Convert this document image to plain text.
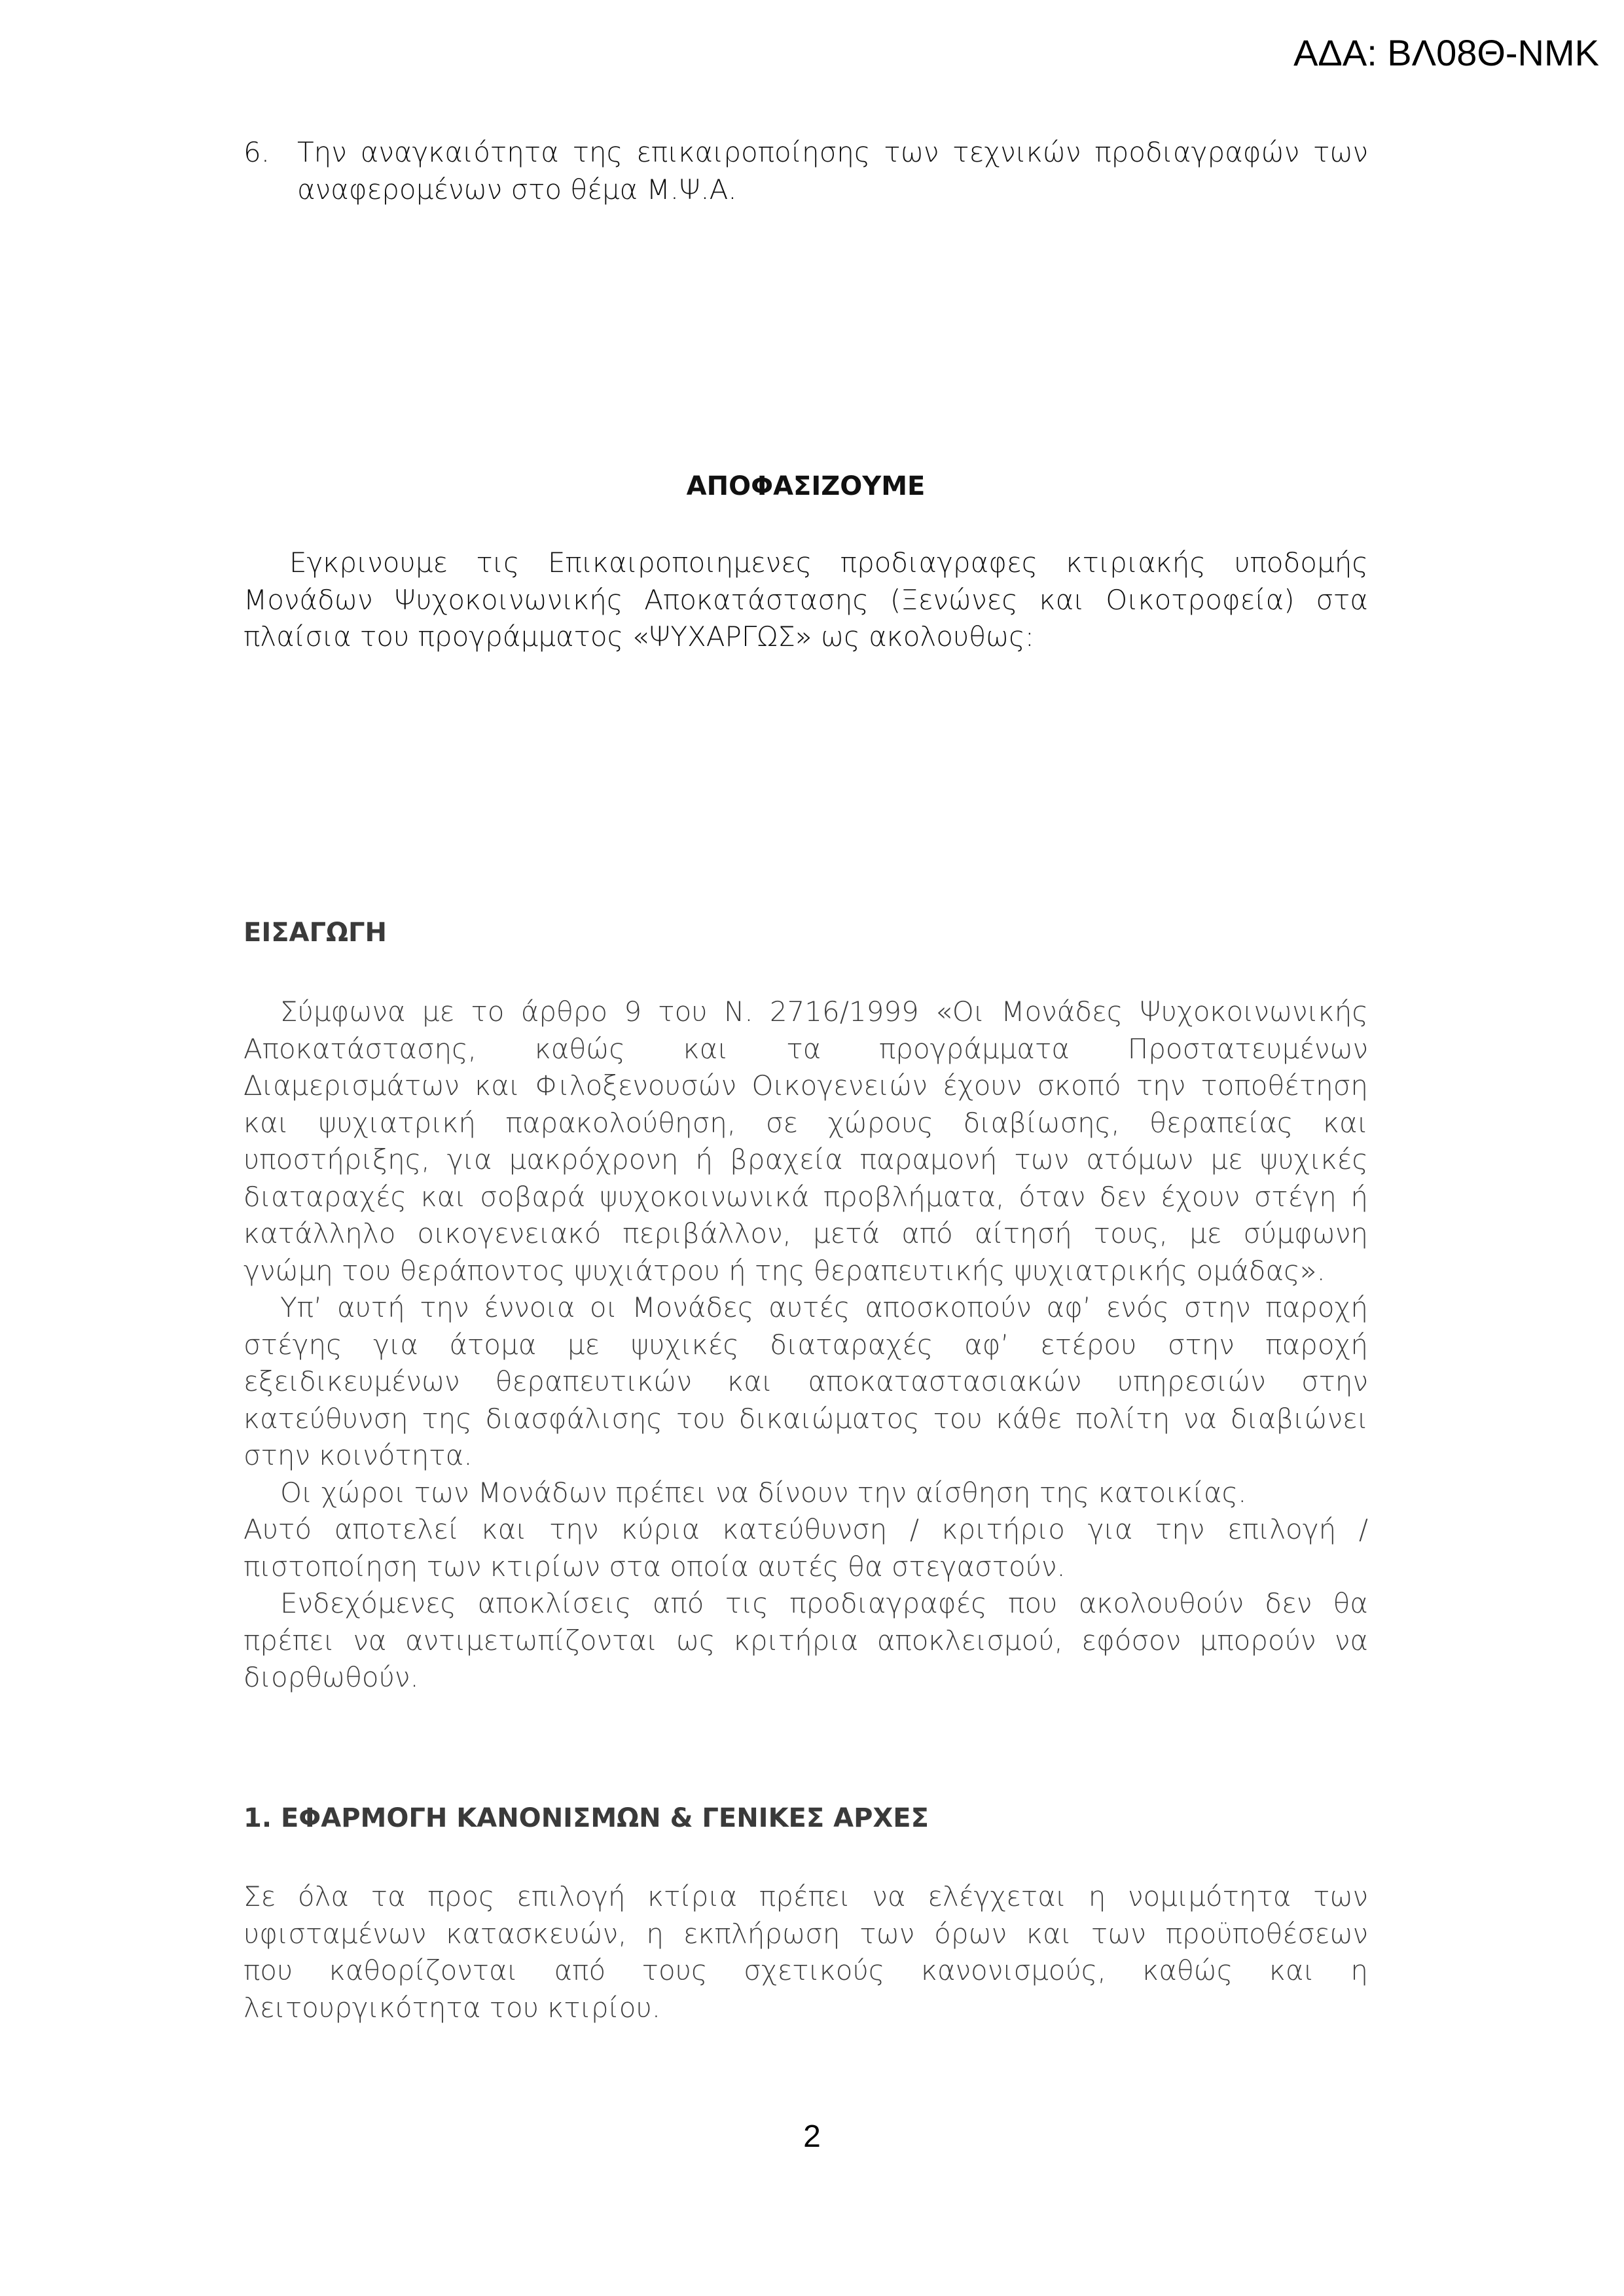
ΑΔΑ: ΒΛ08Θ-ΝΜΚ
6. Την αναγκαιότητα της επικαιροποίησης των τεχνικών προδιαγραφών των
αναφερομένων στο θέμα Μ.Ψ.Α.
ΑΠΟΦΑΣΙΖΟΥΜΕ
Εγκρινουμε τις Επικαιροποιημενες προδιαγραφες κτιριακής υποδομής
Μονάδων Ψυχοκοινωνικής Αποκατάστασης (Ξενώνες και Οικοτροφεία) στα
πλαίσια του προγράμματος «ΨΥΧΑΡΓΩΣ» ως ακολουθως:
ΕΙΣΑΓΩΓΗ
Σύμφωνα με το άρθρο 9 του Ν. 2716/1999 «Οι Μονάδες Ψυχοκοινωνικής
Αποκατάστασης, καθώς και τα προγράμματα Προστατευμένων
Διαμερισμάτων και Φιλοξενουσών Οικογενειών έχουν σκοπό την τοποθέτηση
και ψυχιατρική παρακολούθηση, σε χώρους διαβίωσης, θεραπείας και
υποστήριξης, για μακρόχρονη ή βραχεία παραμονή των ατόμων με ψυχικές
διαταραχές και σοβαρά ψυχοκοινωνικά προβλήματα, όταν δεν έχουν στέγη ή
κατάλληλο οικογενειακό περιβάλλον, μετά από αίτησή τους, με σύμφωνη
γνώμη του θεράποντος ψυχιάτρου ή της θεραπευτικής ψυχιατρικής ομάδας».
Υπ’ αυτή την έννοια οι Μονάδες αυτές αποσκοπούν αφ’ ενός στην παροχή
στέγης για άτομα με ψυχικές διαταραχές αφ’ ετέρου στην παροχή
εξειδικευμένων θεραπευτικών και αποκαταστασιακών υπηρεσιών στην
κατεύθυνση της διασφάλισης του δικαιώματος του κάθε πολίτη να διαβιώνει
στην κοινότητα.
Οι χώροι των Μονάδων πρέπει να δίνουν την αίσθηση της κατοικίας.
Αυτό αποτελεί και την κύρια κατεύθυνση / κριτήριο για την επιλογή /
πιστοποίηση των κτιρίων στα οποία αυτές θα στεγαστούν.
Ενδεχόμενες αποκλίσεις από τις προδιαγραφές που ακολουθούν δεν θα
πρέπει να αντιμετωπίζονται ως κριτήρια αποκλεισμού, εφόσον μπορούν να
διορθωθούν.
1. ΕΦΑΡΜΟΓΗ ΚΑΝΟΝΙΣΜΩΝ & ΓΕΝΙΚΕΣ ΑΡΧΕΣ
Σε όλα τα προς επιλογή κτίρια πρέπει να ελέγχεται η νομιμότητα των
υφισταμένων κατασκευών, η εκπλήρωση των όρων και των προϋποθέσεων
που καθορίζονται από τους σχετικούς κανονισμούς, καθώς και η
λειτουργικότητα του κτιρίου.
2
